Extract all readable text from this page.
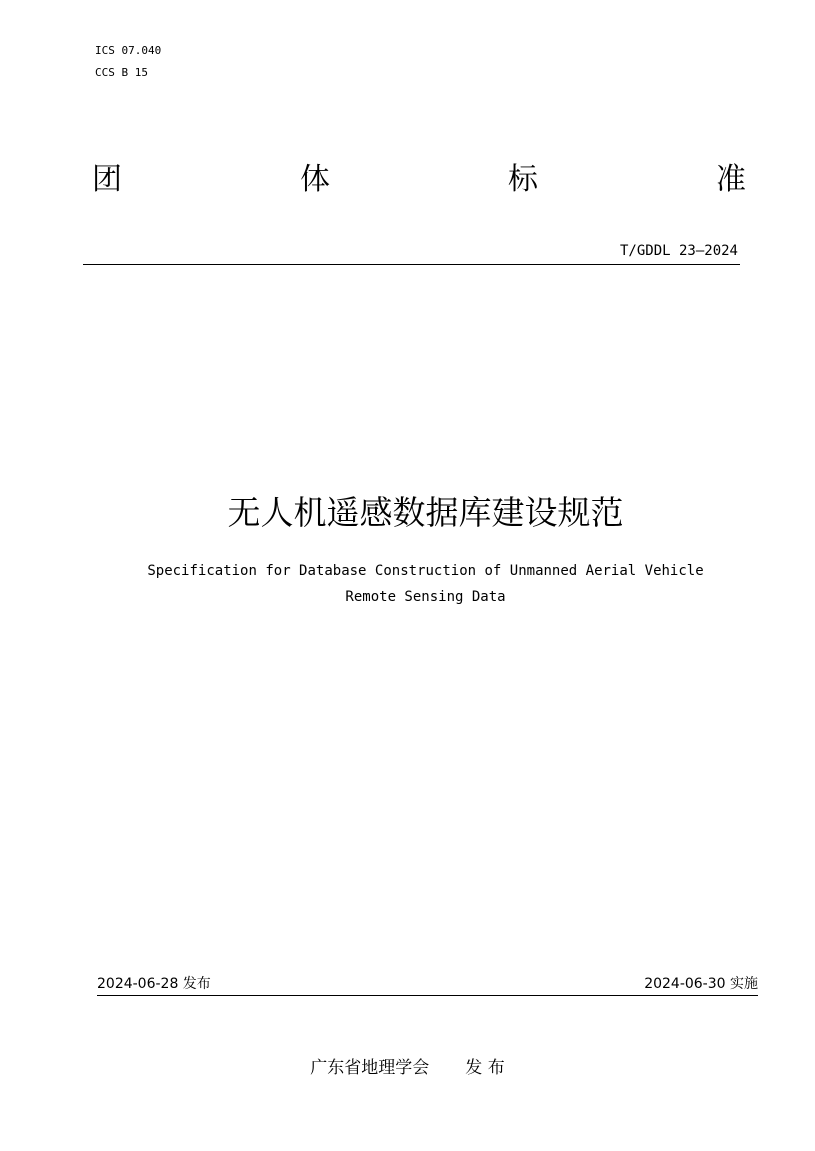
ICS 07.040
CCS B 15
团	体	标	准
T/GDDL 23—2024
无人机遥感数据库建设规范
Specification for Database Construction of Unmanned Aerial Vehicle
Remote Sensing Data
2024-06-28 发布	2024-06-30 实施
广东省地理学会 发 布
